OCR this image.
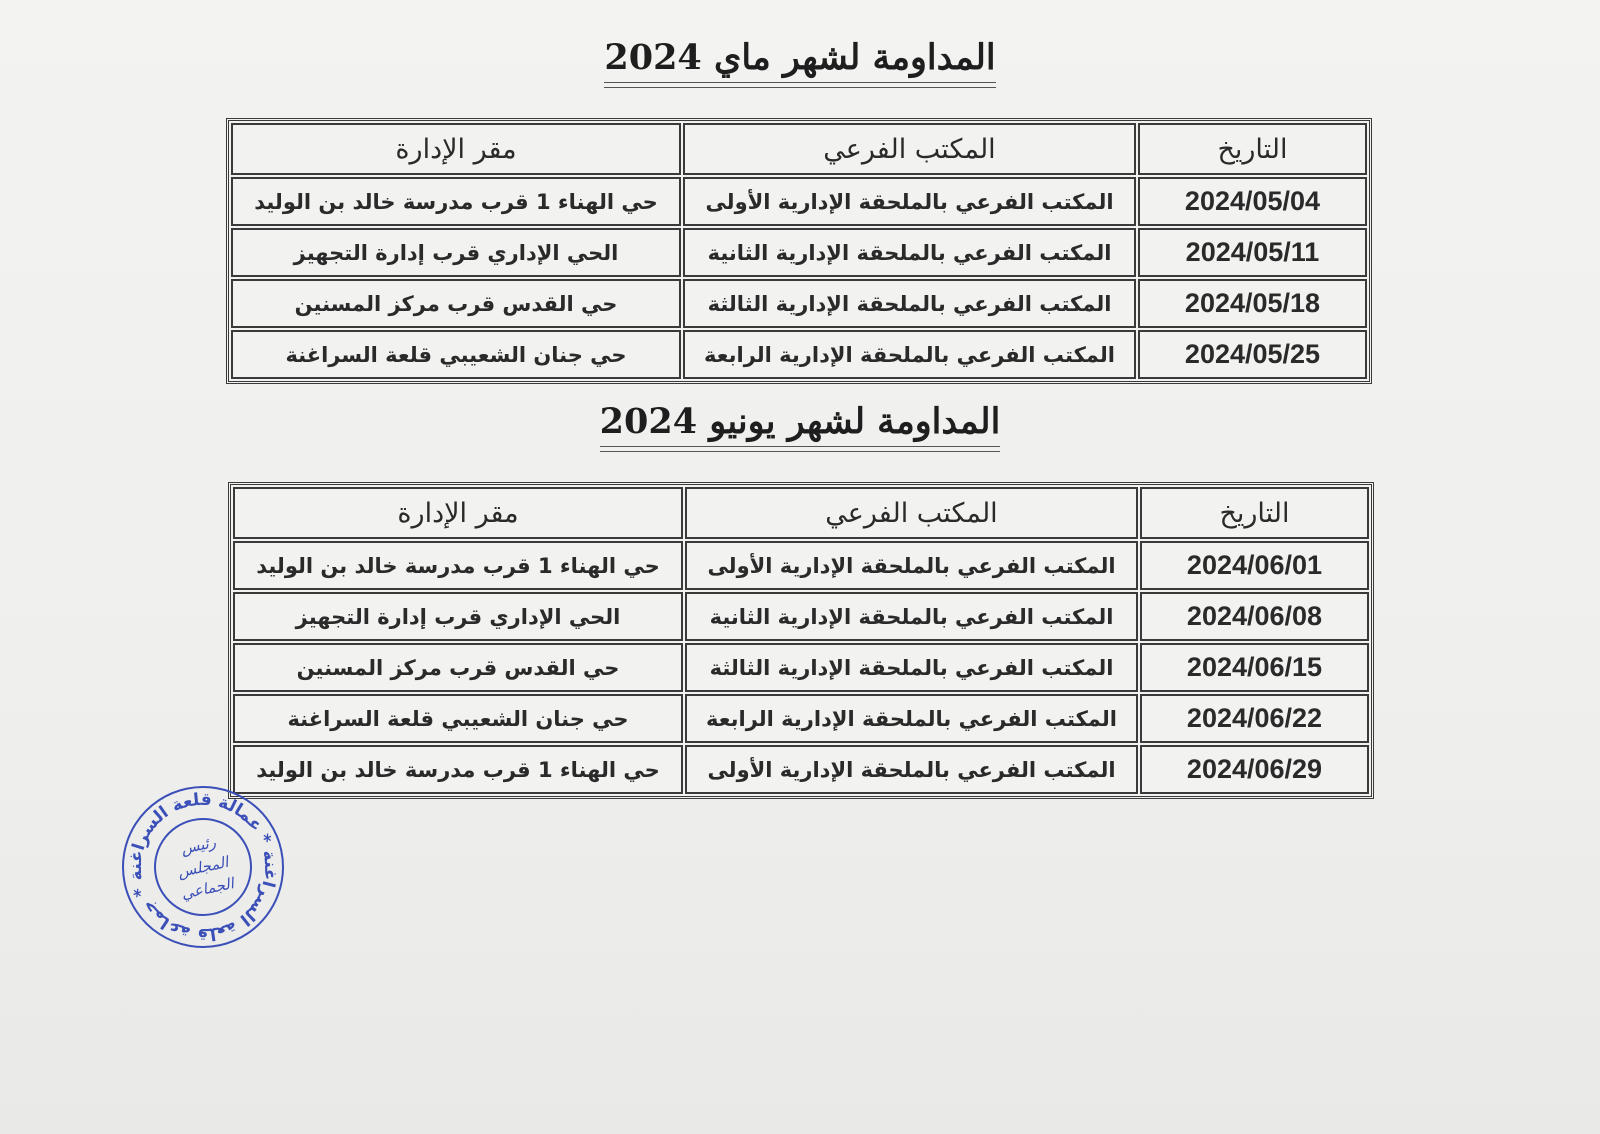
المداومة لشهر ماي 2024
التاريخ	المكتب الفرعي	مقر الإدارة
2024/05/04	المكتب الفرعي بالملحقة الإدارية الأولى	حي الهناء 1 قرب مدرسة خالد بن الوليد
2024/05/11	المكتب الفرعي بالملحقة الإدارية الثانية	الحي الإداري قرب إدارة التجهيز
2024/05/18	المكتب الفرعي بالملحقة الإدارية الثالثة	حي القدس قرب مركز المسنين
2024/05/25	المكتب الفرعي بالملحقة الإدارية الرابعة	حي جنان الشعيبي قلعة السراغنة
المداومة لشهر يونيو 2024
التاريخ	المكتب الفرعي	مقر الإدارة
2024/06/01	المكتب الفرعي بالملحقة الإدارية الأولى	حي الهناء 1 قرب مدرسة خالد بن الوليد
2024/06/08	المكتب الفرعي بالملحقة الإدارية الثانية	الحي الإداري قرب إدارة التجهيز
2024/06/15	المكتب الفرعي بالملحقة الإدارية الثالثة	حي القدس قرب مركز المسنين
2024/06/22	المكتب الفرعي بالملحقة الإدارية الرابعة	حي جنان الشعيبي قلعة السراغنة
2024/06/29	المكتب الفرعي بالملحقة الإدارية الأولى	حي الهناء 1 قرب مدرسة خالد بن الوليد
جماعة قلعة السراغنة * عمالة قلعة السراغنة *
رئيس
المجلس
الجماعي
